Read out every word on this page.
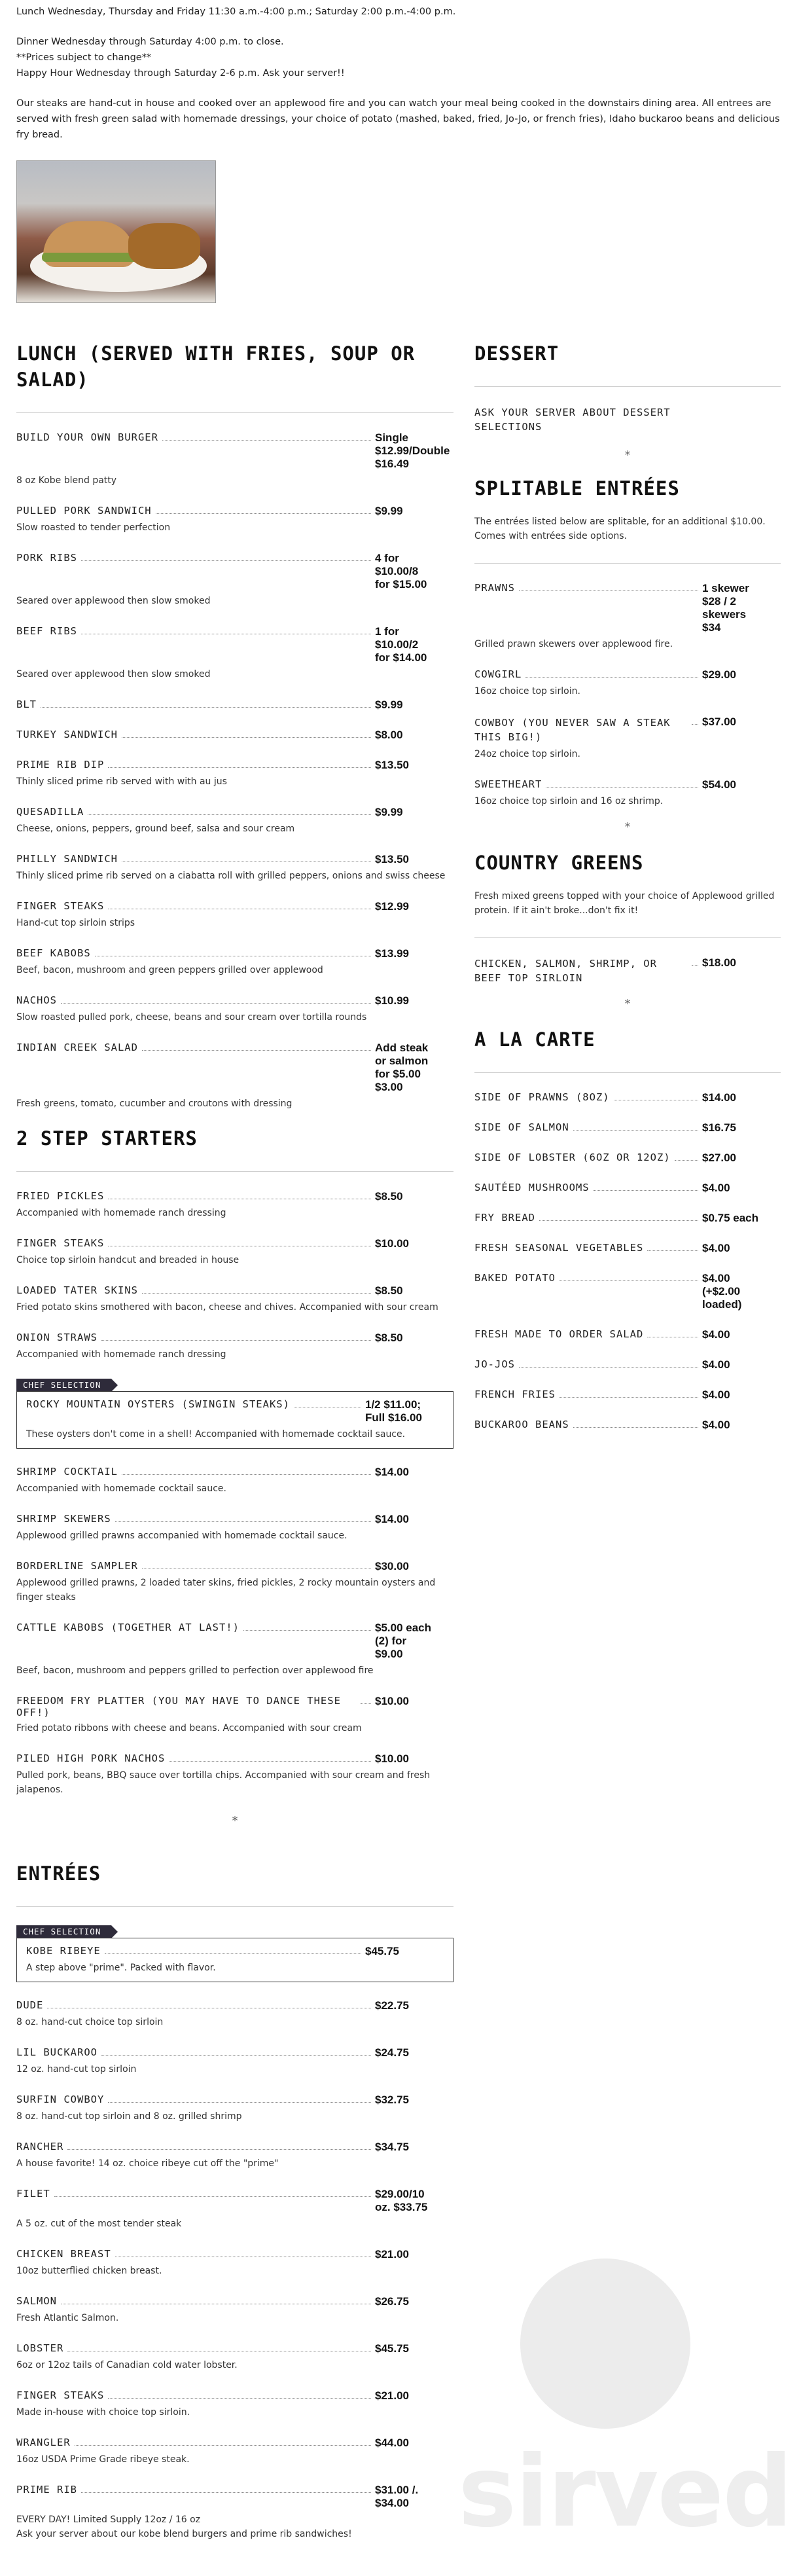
Lunch Wednesday, Thursday and Friday 11:30 a.m.-4:00 p.m.; Saturday 2:00 p.m.-4:00 p.m.

Dinner Wednesday through Saturday 4:00 p.m. to close.

**Prices subject to change**

Happy Hour Wednesday through Saturday 2-6 p.m. Ask your server!!

Our steaks are hand-cut in house and cooked over an applewood fire and you can watch your meal being cooked in the downstairs dining area. All entrees are served with fresh green salad with homemade dressings, your choice of potato (mashed, baked, fried, Jo-Jo, or french fries), Idaho buckaroo beans and delicious fry bread.

LUNCH (SERVED WITH FRIES, SOUP OR SALAD)
BUILD YOUR OWN BURGER	Single
$12.99/Double
$16.49
8 oz Kobe blend patty
PULLED PORK SANDWICH	$9.99
Slow roasted to tender perfection
PORK RIBS	4 for
$10.00/8
for $15.00
Seared over applewood then slow smoked
BEEF RIBS	1 for
$10.00/2
for $14.00
Seared over applewood then slow smoked
BLT	$9.99
TURKEY SANDWICH	$8.00
PRIME RIB DIP	$13.50
Thinly sliced prime rib served with with au jus
QUESADILLA	$9.99
Cheese, onions, peppers, ground beef, salsa and sour cream
PHILLY SANDWICH	$13.50
Thinly sliced prime rib served on a ciabatta roll with grilled peppers, onions and swiss cheese
FINGER STEAKS	$12.99
Hand-cut top sirloin strips
BEEF KABOBS	$13.99
Beef, bacon, mushroom and green peppers grilled over applewood
NACHOS	$10.99
Slow roasted pulled pork, cheese, beans and sour cream over tortilla rounds
INDIAN CREEK SALAD	Add steak
or salmon
for $5.00
$3.00
Fresh greens, tomato, cucumber and croutons with dressing
2 STEP STARTERS
FRIED PICKLES	$8.50
Accompanied with homemade ranch dressing
FINGER STEAKS	$10.00
Choice top sirloin handcut and breaded in house
LOADED TATER SKINS	$8.50
Fried potato skins smothered with bacon, cheese and chives. Accompanied with sour cream
ONION STRAWS	$8.50
Accompanied with homemade ranch dressing
CHEF SELECTION
ROCKY MOUNTAIN OYSTERS (SWINGIN STEAKS)	1/2 $11.00;
Full $16.00
These oysters don't come in a shell! Accompanied with homemade cocktail sauce.
SHRIMP COCKTAIL	$14.00
Accompanied with homemade cocktail sauce.
SHRIMP SKEWERS	$14.00
Applewood grilled prawns accompanied with homemade cocktail sauce.
BORDERLINE SAMPLER	$30.00
Applewood grilled prawns, 2 loaded tater skins, fried pickles, 2 rocky mountain oysters and finger steaks
CATTLE KABOBS (TOGETHER AT LAST!)	$5.00 each
(2) for
$9.00
Beef, bacon, mushroom and peppers grilled to perfection over applewood fire
FREEDOM FRY PLATTER (YOU MAY HAVE TO DANCE THESE OFF!)
$10.00
Fried potato ribbons with cheese and beans. Accompanied with sour cream
PILED HIGH PORK NACHOS	$10.00
Pulled pork, beans, BBQ sauce over tortilla chips. Accompanied with sour cream and fresh jalapenos.
*
ENTRÉES
CHEF SELECTION
KOBE RIBEYE	$45.75
A step above "prime". Packed with flavor.
DUDE	$22.75
8 oz. hand-cut choice top sirloin
LIL BUCKAROO	$24.75
12 oz. hand-cut top sirloin
SURFIN COWBOY	$32.75
8 oz. hand-cut top sirloin and 8 oz. grilled shrimp
RANCHER	$34.75
A house favorite! 14 oz. choice ribeye cut off the "prime"
FILET	$29.00/10
oz. $33.75
A 5 oz. cut of the most tender steak
CHICKEN BREAST	$21.00
10oz butterflied chicken breast.
SALMON	$26.75
Fresh Atlantic Salmon.
LOBSTER	$45.75
6oz or 12oz tails of Canadian cold water lobster.
FINGER STEAKS	$21.00
Made in-house with choice top sirloin.
WRANGLER	$44.00
16oz USDA Prime Grade ribeye steak.
PRIME RIB	$31.00 /.
$34.00
EVERY DAY! Limited Supply 12oz / 16 oz
Ask your server about our kobe blend burgers and prime rib sandwiches!
DESSERT
ASK YOUR SERVER ABOUT DESSERT SELECTIONS
*
SPLITABLE ENTRÉES

The entrées listed below are splitable, for an additional $10.00. Comes with entrées side options.

PRAWNS	1 skewer
$28 / 2
skewers
$34
Grilled prawn skewers over applewood fire.
COWGIRL	$29.00
16oz choice top sirloin.
COWBOY (YOU NEVER SAW A STEAK THIS BIG!)
$37.00
24oz choice top sirloin.
SWEETHEART	$54.00
16oz choice top sirloin and 16 oz shrimp.
*
COUNTRY GREENS

Fresh mixed greens topped with your choice of Applewood grilled protein. If it ain't broke...don't fix it!

CHICKEN, SALMON, SHRIMP, OR BEEF TOP SIRLOIN
$18.00
*
A LA CARTE
SIDE OF PRAWNS (8OZ)	$14.00
SIDE OF SALMON	$16.75
SIDE OF LOBSTER (6OZ OR 12OZ)	$27.00
SAUTÉED MUSHROOMS	$4.00
FRY BREAD	$0.75 each
FRESH SEASONAL VEGETABLES	$4.00
BAKED POTATO	$4.00
(+$2.00
loaded)
FRESH MADE TO ORDER SALAD	$4.00
JO-JOS	$4.00
FRENCH FRIES	$4.00
BUCKAROO BEANS	$4.00
sirved
